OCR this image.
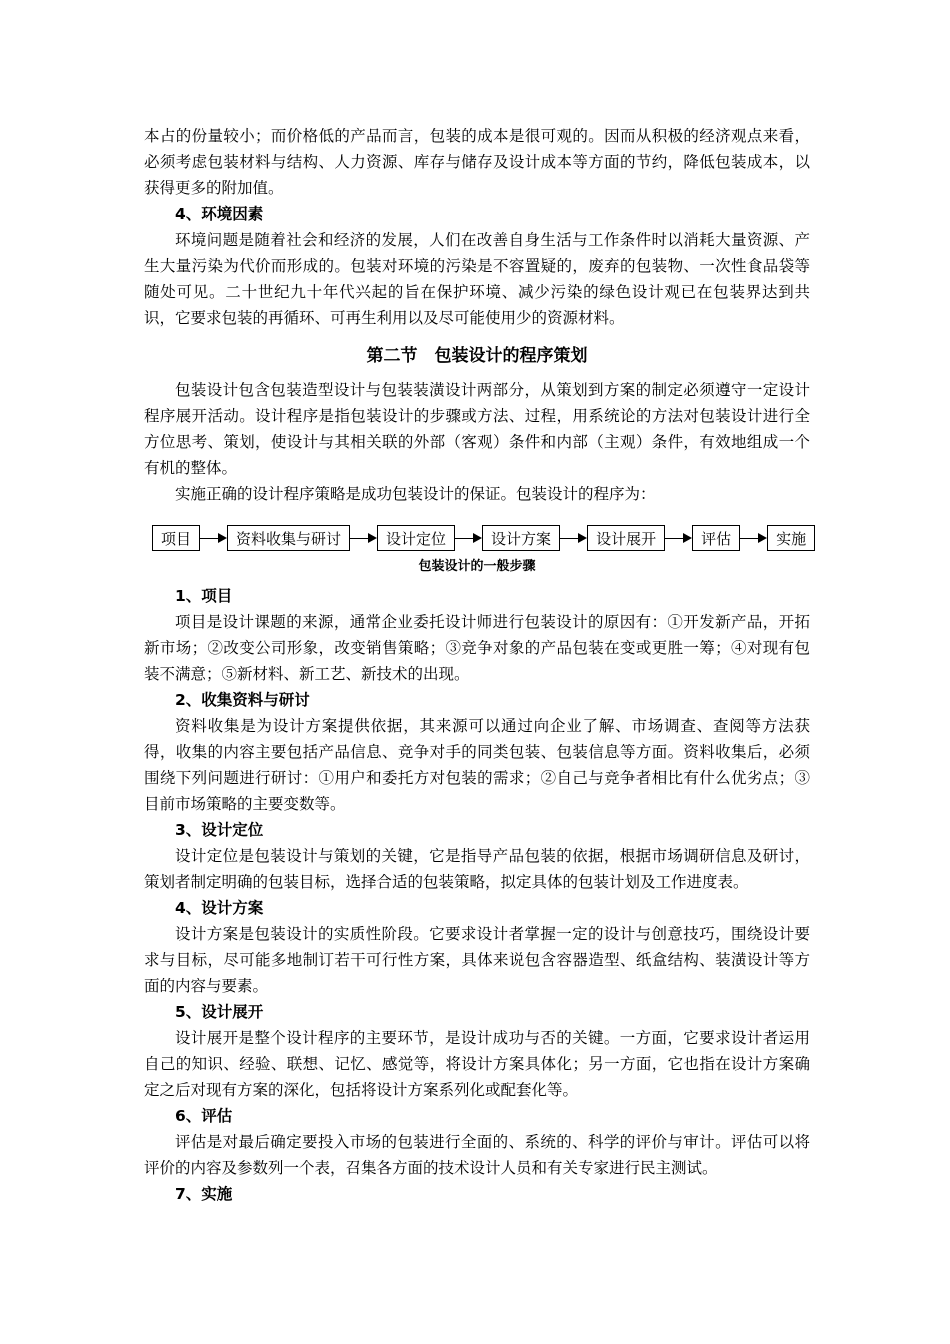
本占的份量较小；而价格低的产品而言，包装的成本是很可观的。因而从积极的经济观点来看，必须考虑包装材料与结构、人力资源、库存与储存及设计成本等方面的节约，降低包装成本，以获得更多的附加值。

4、环境因素

环境问题是随着社会和经济的发展，人们在改善自身生活与工作条件时以消耗大量资源、产生大量污染为代价而形成的。包装对环境的污染是不容置疑的，废弃的包装物、一次性食品袋等随处可见。二十世纪九十年代兴起的旨在保护环境、减少污染的绿色设计观已在包装界达到共识，它要求包装的再循环、可再生利用以及尽可能使用少的资源材料。

第二节　包装设计的程序策划

包装设计包含包装造型设计与包装装潢设计两部分，从策划到方案的制定必须遵守一定设计程序展开活动。设计程序是指包装设计的步骤或方法、过程，用系统论的方法对包装设计进行全方位思考、策划，使设计与其相关联的外部（客观）条件和内部（主观）条件，有效地组成一个有机的整体。

实施正确的设计程序策略是成功包装设计的保证。包装设计的程序为：

项目	资料收集与研讨	设计定位	设计方案	设计展开	评估	实施
包装设计的一般步骤
1、项目

项目是设计课题的来源，通常企业委托设计师进行包装设计的原因有：①开发新产品，开拓新市场；②改变公司形象，改变销售策略；③竞争对象的产品包装在变或更胜一筹；④对现有包装不满意；⑤新材料、新工艺、新技术的出现。

2、收集资料与研讨

资料收集是为设计方案提供依据，其来源可以通过向企业了解、市场调查、查阅等方法获得，收集的内容主要包括产品信息、竞争对手的同类包装、包装信息等方面。资料收集后，必须围绕下列问题进行研讨：①用户和委托方对包装的需求；②自己与竞争者相比有什么优劣点；③目前市场策略的主要变数等。

3、设计定位

设计定位是包装设计与策划的关键，它是指导产品包装的依据，根据市场调研信息及研讨，策划者制定明确的包装目标，选择合适的包装策略，拟定具体的包装计划及工作进度表。

4、设计方案

设计方案是包装设计的实质性阶段。它要求设计者掌握一定的设计与创意技巧，围绕设计要求与目标，尽可能多地制订若干可行性方案，具体来说包含容器造型、纸盒结构、装潢设计等方面的内容与要素。

5、设计展开

设计展开是整个设计程序的主要环节，是设计成功与否的关键。一方面，它要求设计者运用自己的知识、经验、联想、记忆、感觉等，将设计方案具体化；另一方面，它也指在设计方案确定之后对现有方案的深化，包括将设计方案系列化或配套化等。

6、评估

评估是对最后确定要投入市场的包装进行全面的、系统的、科学的评价与审计。评估可以将评价的内容及参数列一个表，召集各方面的技术设计人员和有关专家进行民主测试。

7、实施
